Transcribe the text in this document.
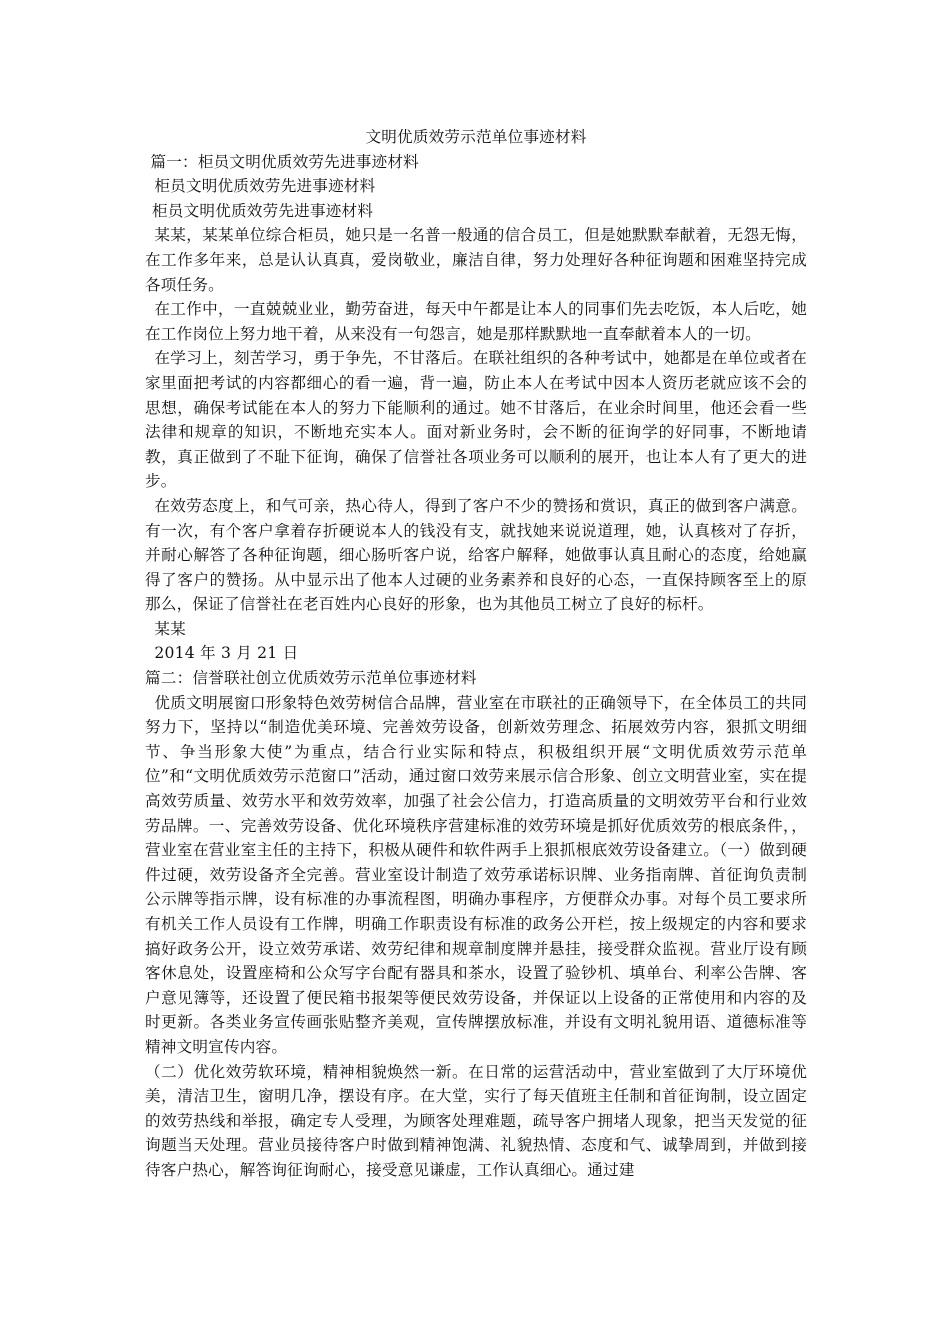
文明优质效劳示范单位事迹材料

篇一：柜员文明优质效劳先进事迹材料

柜员文明优质效劳先进事迹材料

柜员文明优质效劳先进事迹材料

某某，某某单位综合柜员，她只是一名普一般通的信合员工，但是她默默奉献着，无怨无悔，在工作多年来，总是认认真真，爱岗敬业，廉洁自律，努力处理好各种征询题和困难坚持完成各项任务。

在工作中，一直兢兢业业，勤劳奋进，每天中午都是让本人的同事们先去吃饭，本人后吃，她在工作岗位上努力地干着，从来没有一句怨言，她是那样默默地一直奉献着本人的一切。

在学习上，刻苦学习，勇于争先，不甘落后。在联社组织的各种考试中，她都是在单位或者在家里面把考试的内容都细心的看一遍，背一遍，防止本人在考试中因本人资历老就应该不会的思想，确保考试能在本人的努力下能顺利的通过。她不甘落后，在业余时间里，他还会看一些法律和规章的知识，不断地充实本人。面对新业务时，会不断的征询学的好同事，不断地请教，真正做到了不耻下征询，确保了信誉社各项业务可以顺利的展开，也让本人有了更大的进步。

在效劳态度上，和气可亲，热心待人，得到了客户不少的赞扬和赏识，真正的做到客户满意。有一次，有个客户拿着存折硬说本人的钱没有支，就找她来说说道理，她，认真核对了存折，并耐心解答了各种征询题，细心肠听客户说，给客户解释，她做事认真且耐心的态度，给她赢得了客户的赞扬。从中显示出了他本人过硬的业务素养和良好的心态，一直保持顾客至上的原那么，保证了信誉社在老百姓内心良好的形象，也为其他员工树立了良好的标杆。

某某

2014 年 3 月 21 日

篇二：信誉联社创立优质效劳示范单位事迹材料

优质文明展窗口形象特色效劳树信合品牌，营业室在市联社的正确领导下，在全体员工的共同努力下，坚持以“制造优美环境、完善效劳设备，创新效劳理念、拓展效劳内容，狠抓文明细节、争当形象大使”为重点，结合行业实际和特点，积极组织开展“文明优质效劳示范单位”和“文明优质效劳示范窗口”活动，通过窗口效劳来展示信合形象、创立文明营业室，实在提高效劳质量、效劳水平和效劳效率，加强了社会公信力，打造高质量的文明效劳平台和行业效劳品牌。一、完善效劳设备、优化环境秩序营建标准的效劳环境是抓好优质效劳的根底条件，，营业室在营业室主任的主持下，积极从硬件和软件两手上狠抓根底效劳设备建立。（一）做到硬件过硬，效劳设备齐全完善。营业室设计制造了效劳承诺标识牌、业务指南牌、首征询负责制公示牌等指示牌，设有标准的办事流程图，明确办事程序，方便群众办事。对每个员工要求所有机关工作人员设有工作牌，明确工作职责设有标准的政务公开栏，按上级规定的内容和要求搞好政务公开，设立效劳承诺、效劳纪律和规章制度牌并悬挂，接受群众监视。营业厅设有顾客休息处，设置座椅和公众写字台配有器具和茶水，设置了验钞机、填单台、利率公告牌、客户意见簿等，还设置了便民箱书报架等便民效劳设备，并保证以上设备的正常使用和内容的及时更新。各类业务宣传画张贴整齐美观，宣传牌摆放标准，并设有文明礼貌用语、道德标准等精神文明宣传内容。

（二）优化效劳软环境，精神相貌焕然一新。在日常的运营活动中，营业室做到了大厅环境优美，清洁卫生，窗明几净，摆设有序。在大堂，实行了每天值班主任制和首征询制，设立固定的效劳热线和举报，确定专人受理，为顾客处理难题，疏导客户拥堵人现象，把当天发觉的征询题当天处理。营业员接待客户时做到精神饱满、礼貌热情、态度和气、诚挚周到，并做到接待客户热心，解答询征询耐心，接受意见谦虚，工作认真细心。通过建
